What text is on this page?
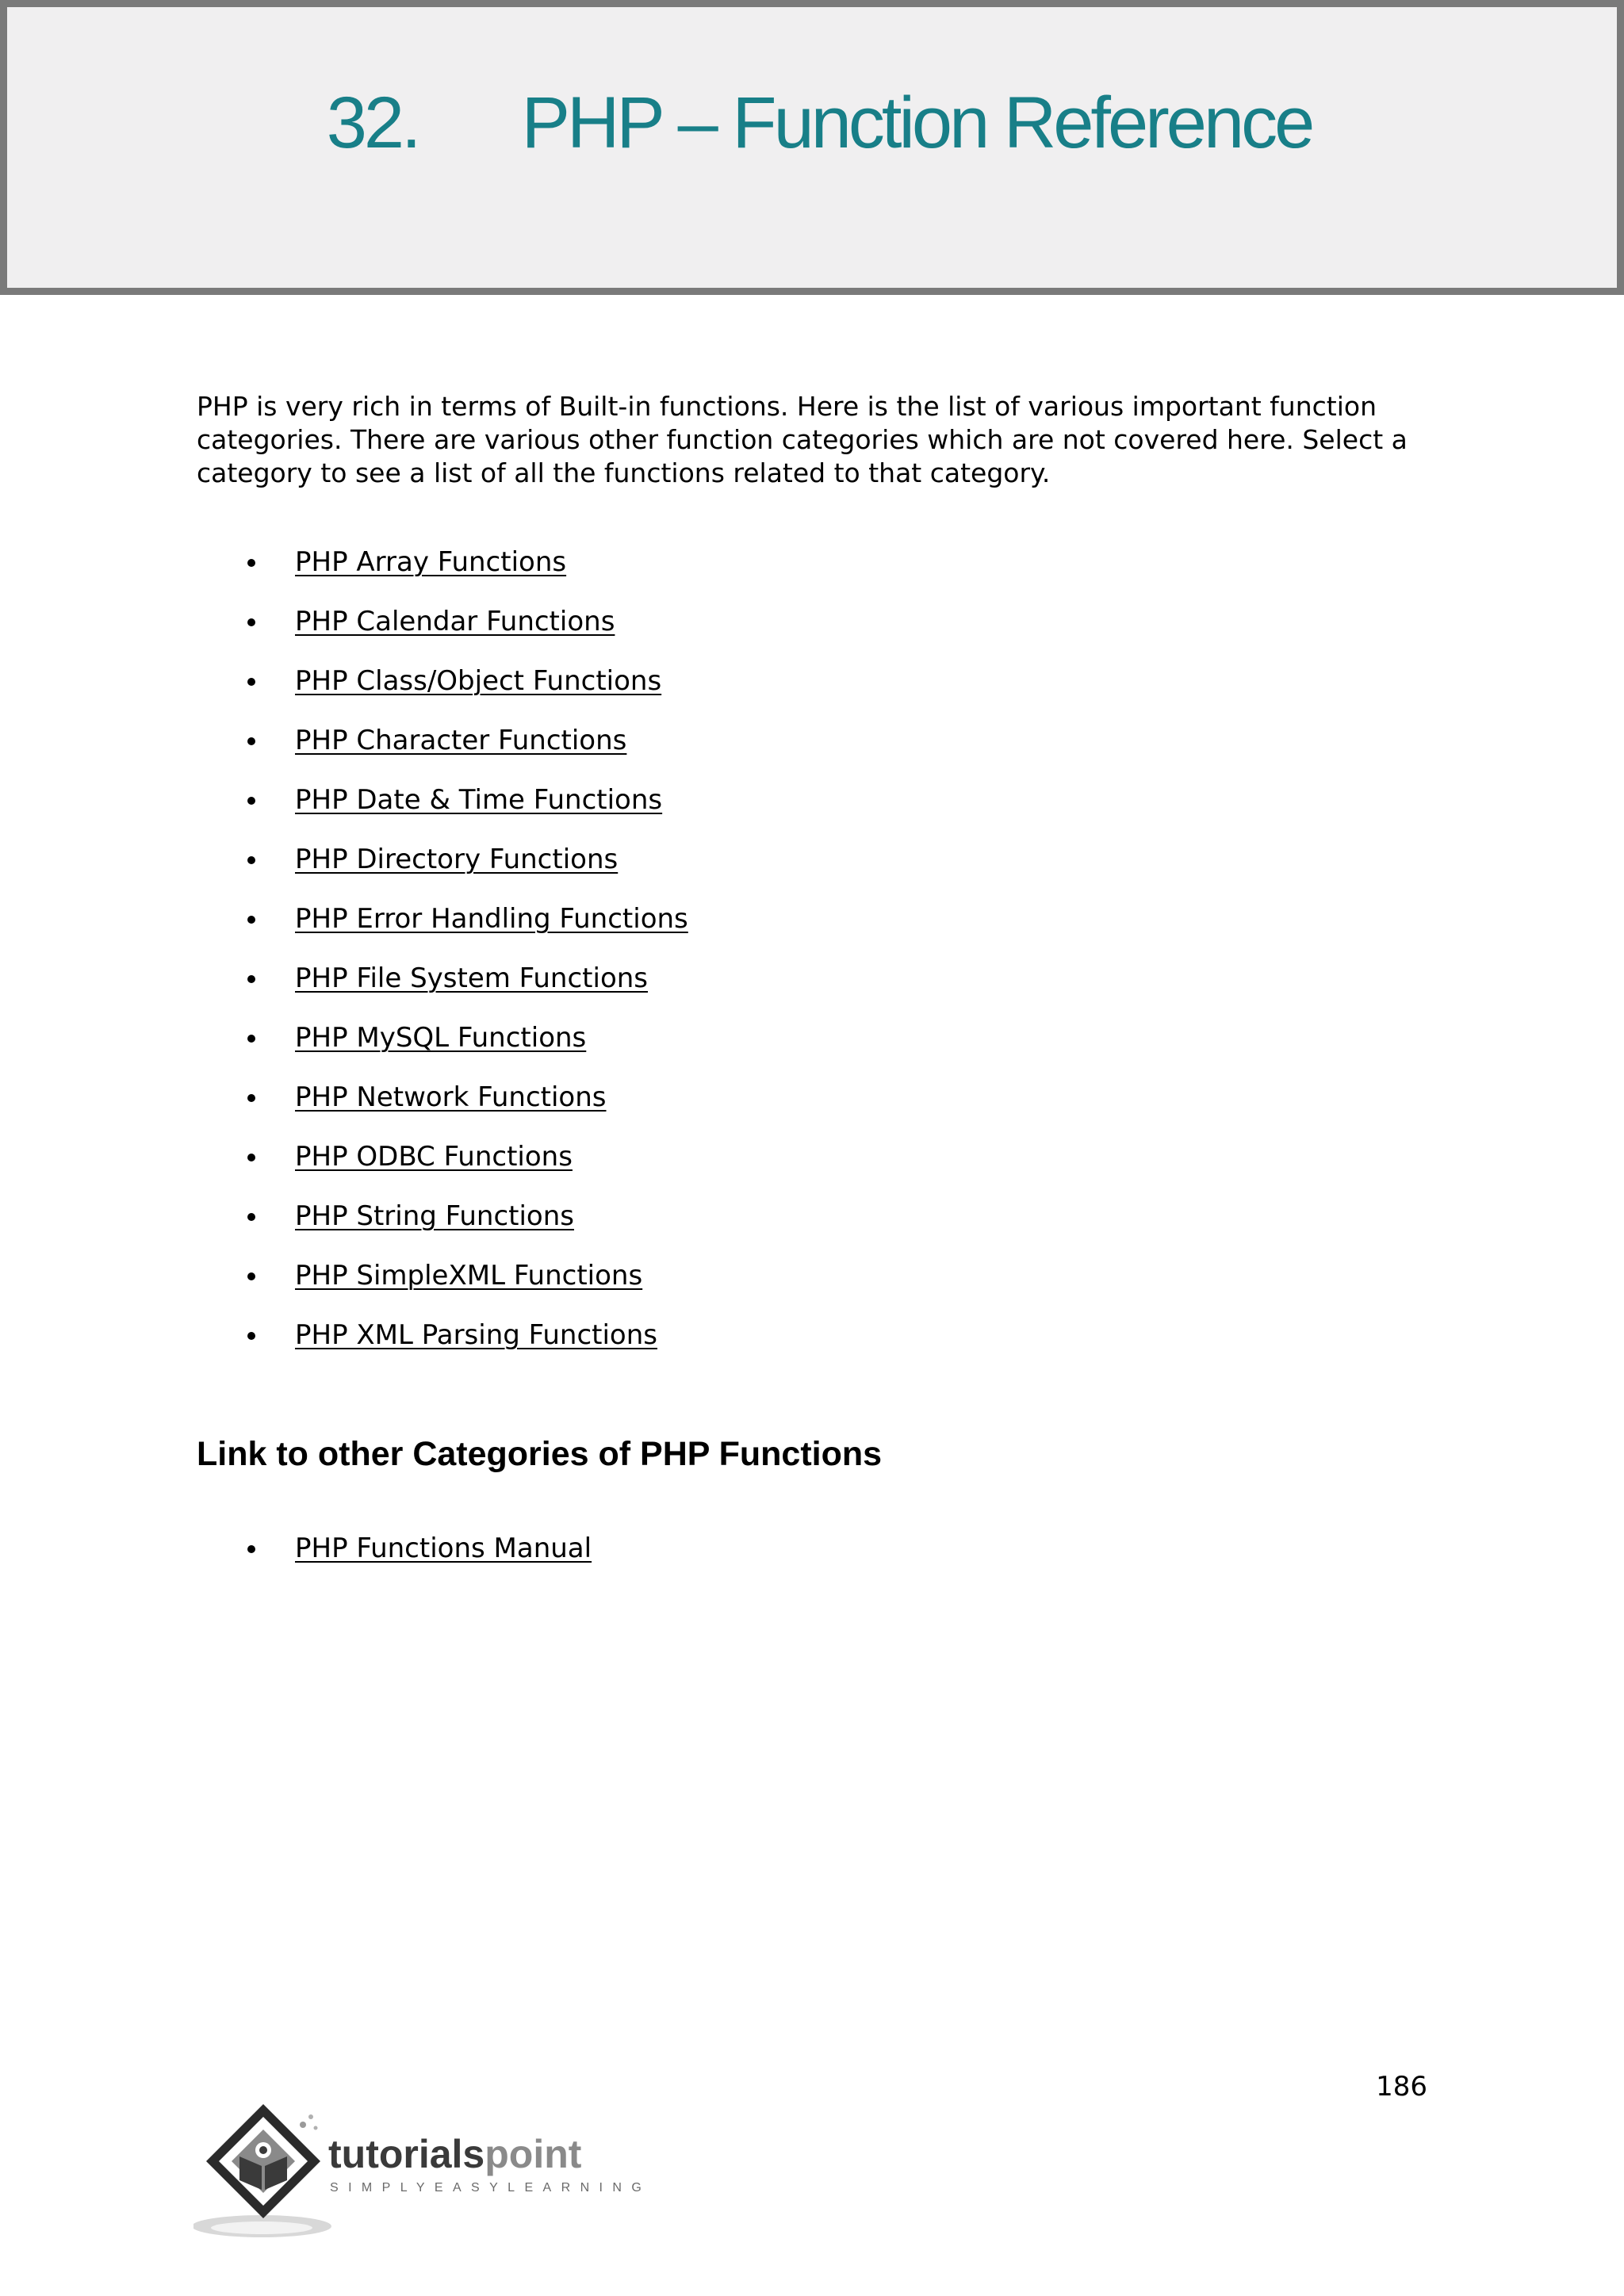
32. PHP – Function Reference

PHP is very rich in terms of Built-in functions. Here is the list of various important function categories. There are various other function categories which are not covered here. Select a category to see a list of all the functions related to that category.

PHP Array Functions
PHP Calendar Functions
PHP Class/Object Functions
PHP Character Functions
PHP Date & Time Functions
PHP Directory Functions
PHP Error Handling Functions
PHP File System Functions
PHP MySQL Functions
PHP Network Functions
PHP ODBC Functions
PHP String Functions
PHP SimpleXML Functions
PHP XML Parsing Functions
Link to other Categories of PHP Functions
PHP Functions Manual
186
tutorialspoint
SIMPLYEASYLEARNING
